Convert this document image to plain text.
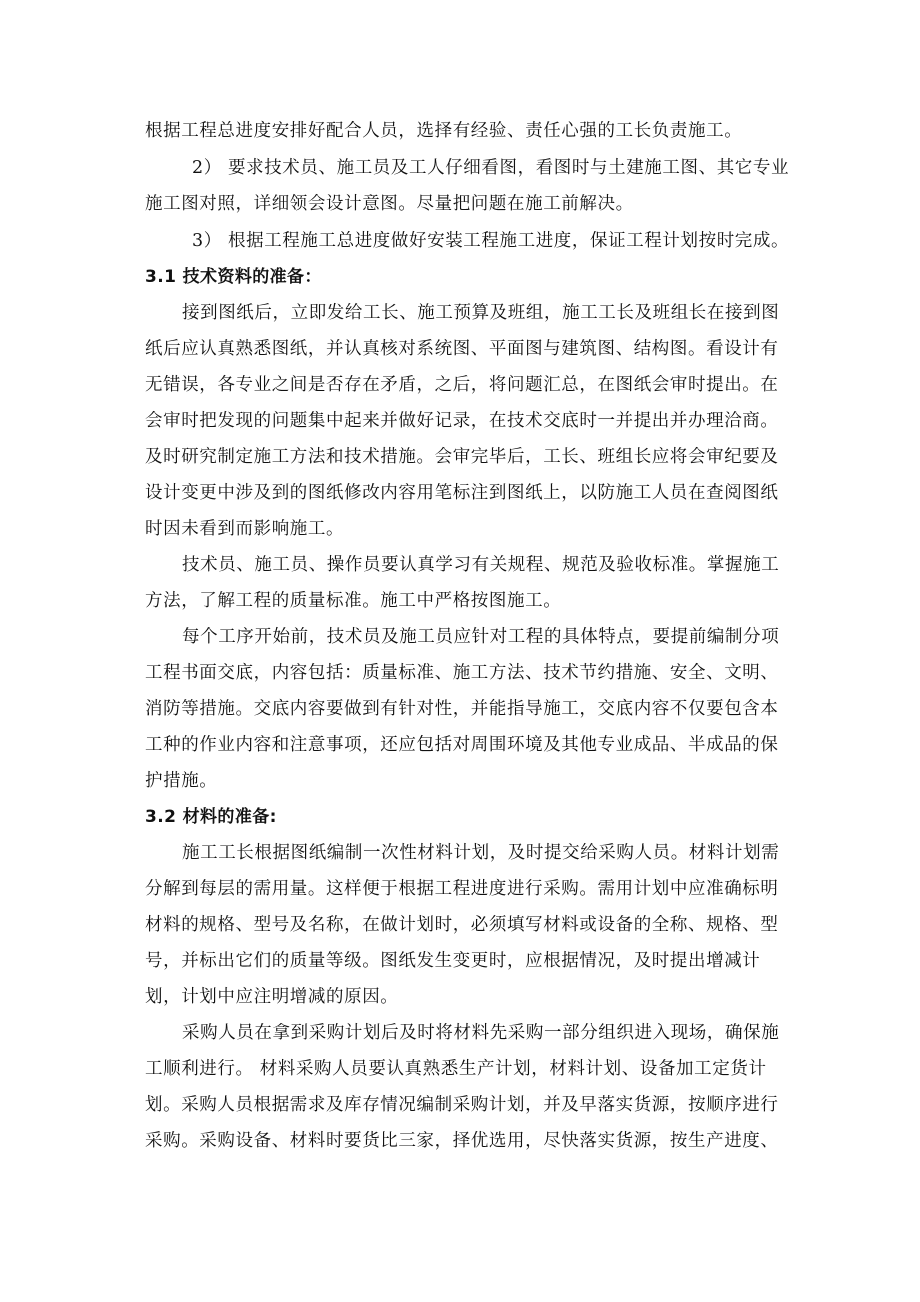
根据工程总进度安排好配合人员，选择有经验、责任心强的工长负责施工。
2） 要求技术员、施工员及工人仔细看图，看图时与土建施工图、其它专业
施工图对照，详细领会设计意图。尽量把问题在施工前解决。
3） 根据工程施工总进度做好安装工程施工进度，保证工程计划按时完成。
3.1 技术资料的准备：
接到图纸后，立即发给工长、施工预算及班组，施工工长及班组长在接到图
纸后应认真熟悉图纸，并认真核对系统图、平面图与建筑图、结构图。看设计有
无错误，各专业之间是否存在矛盾，之后，将问题汇总，在图纸会审时提出。在
会审时把发现的问题集中起来并做好记录，在技术交底时一并提出并办理洽商。
及时研究制定施工方法和技术措施。会审完毕后，工长、班组长应将会审纪要及
设计变更中涉及到的图纸修改内容用笔标注到图纸上，以防施工人员在查阅图纸
时因未看到而影响施工。
技术员、施工员、操作员要认真学习有关规程、规范及验收标准。掌握施工
方法，了解工程的质量标准。施工中严格按图施工。
每个工序开始前，技术员及施工员应针对工程的具体特点，要提前编制分项
工程书面交底，内容包括：质量标准、施工方法、技术节约措施、安全、文明、
消防等措施。交底内容要做到有针对性，并能指导施工，交底内容不仅要包含本
工种的作业内容和注意事项，还应包括对周围环境及其他专业成品、半成品的保
护措施。
3.2 材料的准备:
施工工长根据图纸编制一次性材料计划，及时提交给采购人员。材料计划需
分解到每层的需用量。这样便于根据工程进度进行采购。需用计划中应准确标明
材料的规格、型号及名称，在做计划时，必须填写材料或设备的全称、规格、型
号，并标出它们的质量等级。图纸发生变更时，应根据情况，及时提出增减计
划，计划中应注明增减的原因。
采购人员在拿到采购计划后及时将材料先采购一部分组织进入现场，确保施
工顺利进行。 材料采购人员要认真熟悉生产计划，材料计划、设备加工定货计
划。采购人员根据需求及库存情况编制采购计划，并及早落实货源，按顺序进行
采购。采购设备、材料时要货比三家，择优选用，尽快落实货源，按生产进度、
